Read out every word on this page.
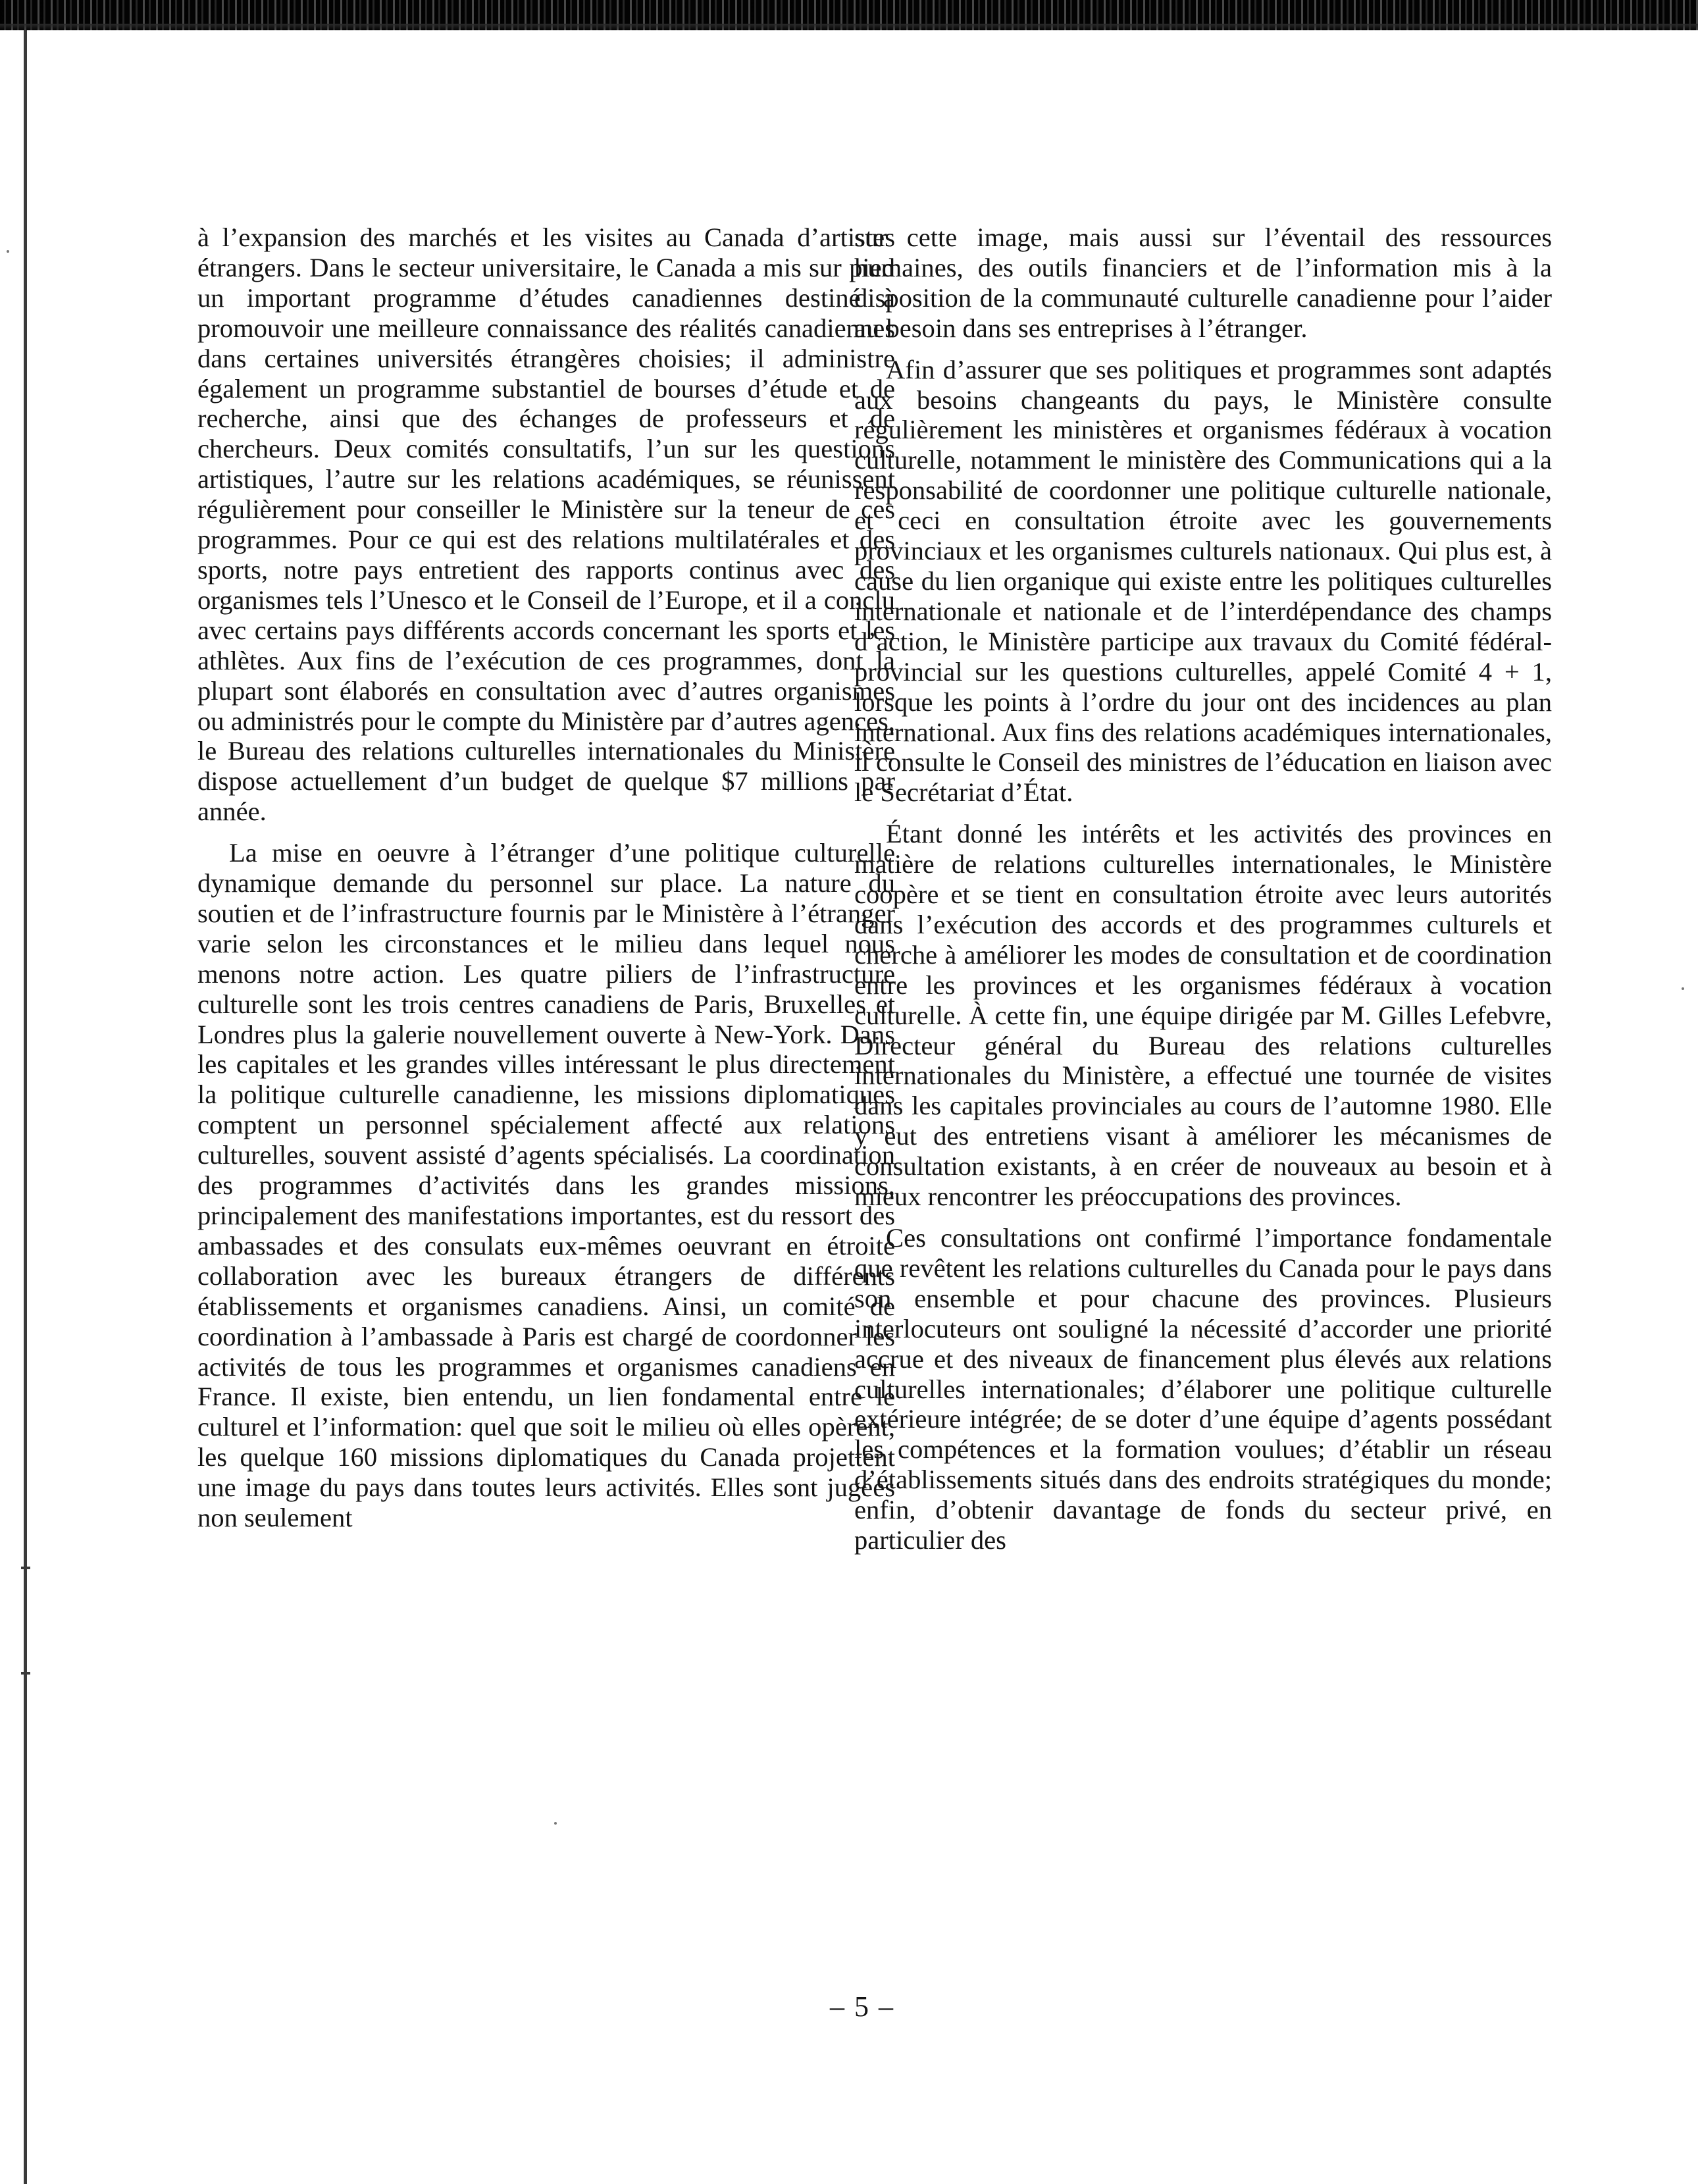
à l’expansion des marchés et les visites au Canada d’artistes étrangers. Dans le secteur universitaire, le Canada a mis sur pied un important programme d’études canadiennes destiné à promouvoir une meilleure connaissance des réalités canadiennes dans certaines universités étrangères choisies; il administre également un programme substantiel de bourses d’étude et de recherche, ainsi que des échanges de professeurs et de chercheurs. Deux comités consultatifs, l’un sur les questions artistiques, l’autre sur les relations académiques, se réunissent régulièrement pour conseiller le Ministère sur la teneur de ces programmes. Pour ce qui est des relations multilatérales et des sports, notre pays entretient des rapports continus avec des organismes tels l’Unesco et le Conseil de l’Europe, et il a conclu avec certains pays différents accords concernant les sports et les athlètes. Aux fins de l’exécution de ces programmes, dont la plupart sont élaborés en consultation avec d’autres organismes ou administrés pour le compte du Ministère par d’autres agences, le Bureau des relations culturelles internationales du Ministère dispose actuellement d’un budget de quelque $7 millions par année.

La mise en oeuvre à l’étranger d’une politique culturelle dynamique demande du personnel sur place. La nature du soutien et de l’infrastructure fournis par le Ministère à l’étranger varie selon les circonstances et le milieu dans lequel nous menons notre action. Les quatre piliers de l’infrastructure culturelle sont les trois centres canadiens de Paris, Bruxelles et Londres plus la galerie nouvellement ouverte à New-York. Dans les capitales et les grandes villes intéressant le plus directement la politique culturelle canadienne, les missions diplomatiques comptent un personnel spécialement affecté aux relations culturelles, souvent assisté d’agents spécialisés. La coordination des programmes d’activités dans les grandes missions, principalement des manifestations importantes, est du ressort des ambassades et des consulats eux-mêmes oeuvrant en étroite collaboration avec les bureaux étrangers de différents établissements et organismes canadiens. Ainsi, un comité de coordination à l’ambassade à Paris est chargé de coordonner les activités de tous les programmes et organismes canadiens en France. Il existe, bien entendu, un lien fondamental entre le culturel et l’information: quel que soit le milieu où elles opèrent, les quelque 160 missions diplomatiques du Canada projettent une image du pays dans toutes leurs activités. Elles sont jugées non seulement

sur cette image, mais aussi sur l’éventail des ressources humaines, des outils financiers et de l’information mis à la disposition de la communauté culturelle canadienne pour l’aider au besoin dans ses entreprises à l’étranger.

Afin d’assurer que ses politiques et programmes sont adaptés aux besoins changeants du pays, le Ministère consulte régulièrement les ministères et organismes fédéraux à vocation culturelle, notamment le ministère des Communications qui a la responsabilité de coordonner une politique culturelle nationale, et ceci en consultation étroite avec les gouvernements provinciaux et les organismes culturels nationaux. Qui plus est, à cause du lien organique qui existe entre les politiques culturelles internationale et nationale et de l’interdépendance des champs d’action, le Ministère participe aux travaux du Comité fédéral-provincial sur les questions culturelles, appelé Comité 4 + 1, lorsque les points à l’ordre du jour ont des incidences au plan international. Aux fins des relations académiques internationales, il consulte le Conseil des ministres de l’éducation en liaison avec le Secrétariat d’État.

Étant donné les intérêts et les activités des provinces en matière de relations culturelles internationales, le Ministère coopère et se tient en consultation étroite avec leurs autorités dans l’exécution des accords et des programmes culturels et cherche à améliorer les modes de consultation et de coordination entre les provinces et les organismes fédéraux à vocation culturelle. À cette fin, une équipe dirigée par M. Gilles Lefebvre, Directeur général du Bureau des relations culturelles internationales du Ministère, a effectué une tournée de visites dans les capitales provinciales au cours de l’automne 1980. Elle y eut des entretiens visant à améliorer les mécanismes de consultation existants, à en créer de nouveaux au besoin et à mieux rencontrer les préoccupations des provinces.

Ces consultations ont confirmé l’importance fondamentale que revêtent les relations culturelles du Canada pour le pays dans son ensemble et pour chacune des provinces. Plusieurs interlocuteurs ont souligné la nécessité d’accorder une priorité accrue et des niveaux de financement plus élevés aux relations culturelles internationales; d’élaborer une politique culturelle extérieure intégrée; de se doter d’une équipe d’agents possédant les compétences et la formation voulues; d’établir un réseau d’établissements situés dans des endroits stratégiques du monde; enfin, d’obtenir davantage de fonds du secteur privé, en particulier des

– 5 –
